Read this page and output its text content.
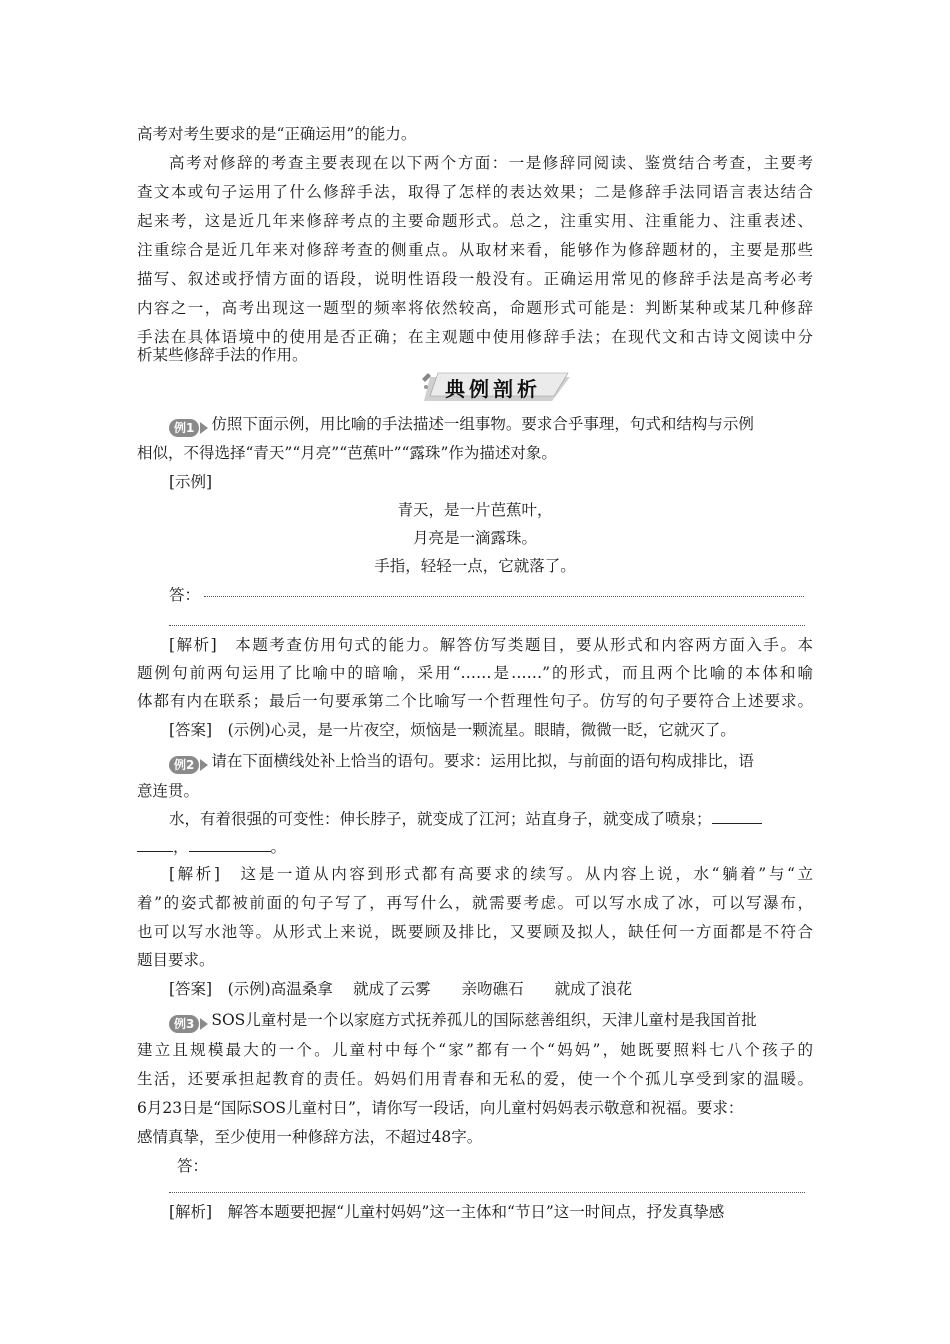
高考对考生要求的是“正确运用”的能力。
高考对修辞的考查主要表现在以下两个方面：一是修辞同阅读、鉴赏结合考查，主要考
查文本或句子运用了什么修辞手法，取得了怎样的表达效果；二是修辞手法同语言表达结合
起来考，这是近几年来修辞考点的主要命题形式。总之，注重实用、注重能力、注重表述、
注重综合是近几年来对修辞考查的侧重点。从取材来看，能够作为修辞题材的，主要是那些
描写、叙述或抒情方面的语段，说明性语段一般没有。正确运用常见的修辞手法是高考必考
内容之一，高考出现这一题型的频率将依然较高，命题形式可能是：判断某种或某几种修辞
手法在具体语境中的使用是否正确；在主观题中使用修辞手法；在现代文和古诗文阅读中分
析某些修辞手法的作用。
典例剖析
例1	仿照下面示例，用比喻的手法描述一组事物。要求合乎事理，句式和结构与示例
相似，不得选择“青天”“月亮”“芭蕉叶”“露珠”作为描述对象。
[示例]
青天，是一片芭蕉叶，
月亮是一滴露珠。
手指，轻轻一点，它就落了。
答：
[解析]　本题考查仿用句式的能力。解答仿写类题目，要从形式和内容两方面入手。本
题例句前两句运用了比喻中的暗喻，采用“……是……”的形式，而且两个比喻的本体和喻
体都有内在联系；最后一句要承第二个比喻写一个哲理性句子。仿写的句子要符合上述要求。
[答案]　(示例)心灵，是一片夜空，烦恼是一颗流星。眼睛，微微一眨，它就灭了。
例2	请在下面横线处补上恰当的语句。要求：运用比拟，与前面的语句构成排比，语
意连贯。
水，有着很强的可变性：伸长脖子，就变成了江河；站直身子，就变成了喷泉；
，	。
[解析]　这是一道从内容到形式都有高要求的续写。从内容上说，水“躺着”与“立
着”的姿式都被前面的句子写了，再写什么，就需要考虑。可以写水成了冰，可以写瀑布，
也可以写水池等。从形式上来说，既要顾及排比，又要顾及拟人，缺任何一方面都是不符合
题目要求。
[答案]　(示例)高温桑拿　 就成了云雾　　亲吻礁石　　就成了浪花
例3	SOS儿童村是一个以家庭方式抚养孤儿的国际慈善组织，天津儿童村是我国首批
建立且规模最大的一个。儿童村中每个“家”都有一个“妈妈”，她既要照料七八个孩子的
生活，还要承担起教育的责任。妈妈们用青春和无私的爱，使一个个孤儿享受到家的温暖。
6月23日是“国际SOS儿童村日”，请你写一段话，向儿童村妈妈表示敬意和祝福。要求：
感情真挚，至少使用一种修辞方法，不超过48字。
答：
[解析]　解答本题要把握“儿童村妈妈”这一主体和“节日”这一时间点，抒发真挚感
